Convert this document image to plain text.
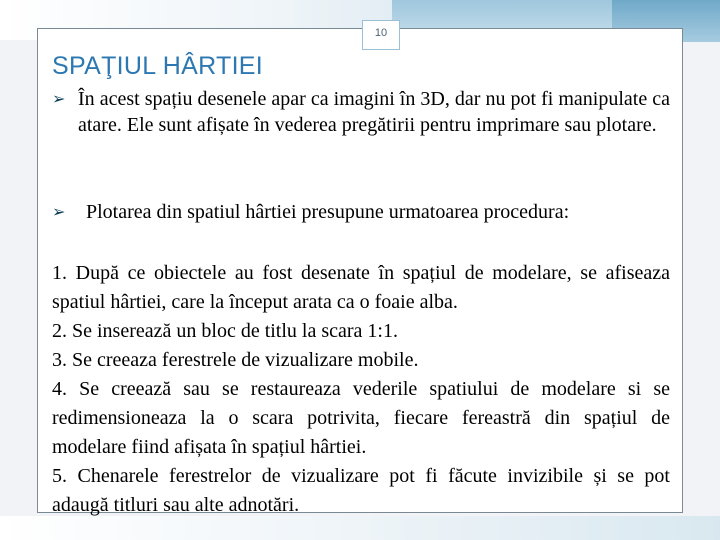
10
SPAŢIUL HÂRTIEI
➢ În acest spațiu desenele apar ca imagini în 3D, dar nu pot fi manipulate ca atare. Ele sunt afișate în vederea pregătirii pentru imprimare sau plotare.
➢	Plotarea din spatiul hârtiei presupune urmatoarea procedura:

1. După ce obiectele au fost desenate în spațiul de modelare, se afiseaza spatiul hârtiei, care la început arata ca o foaie alba.

2. Se inserează un bloc de titlu la scara 1:1.

3. Se creeaza ferestrele de vizualizare mobile.

4. Se creează sau se restaureaza vederile spatiului de modelare si se redimensioneaza la o scara potrivita, fiecare fereastră din spațiul de modelare fiind afișata în spațiul hârtiei.

5. Chenarele ferestrelor de vizualizare pot fi făcute invizibile și se pot adaugă titluri sau alte adnotări.
